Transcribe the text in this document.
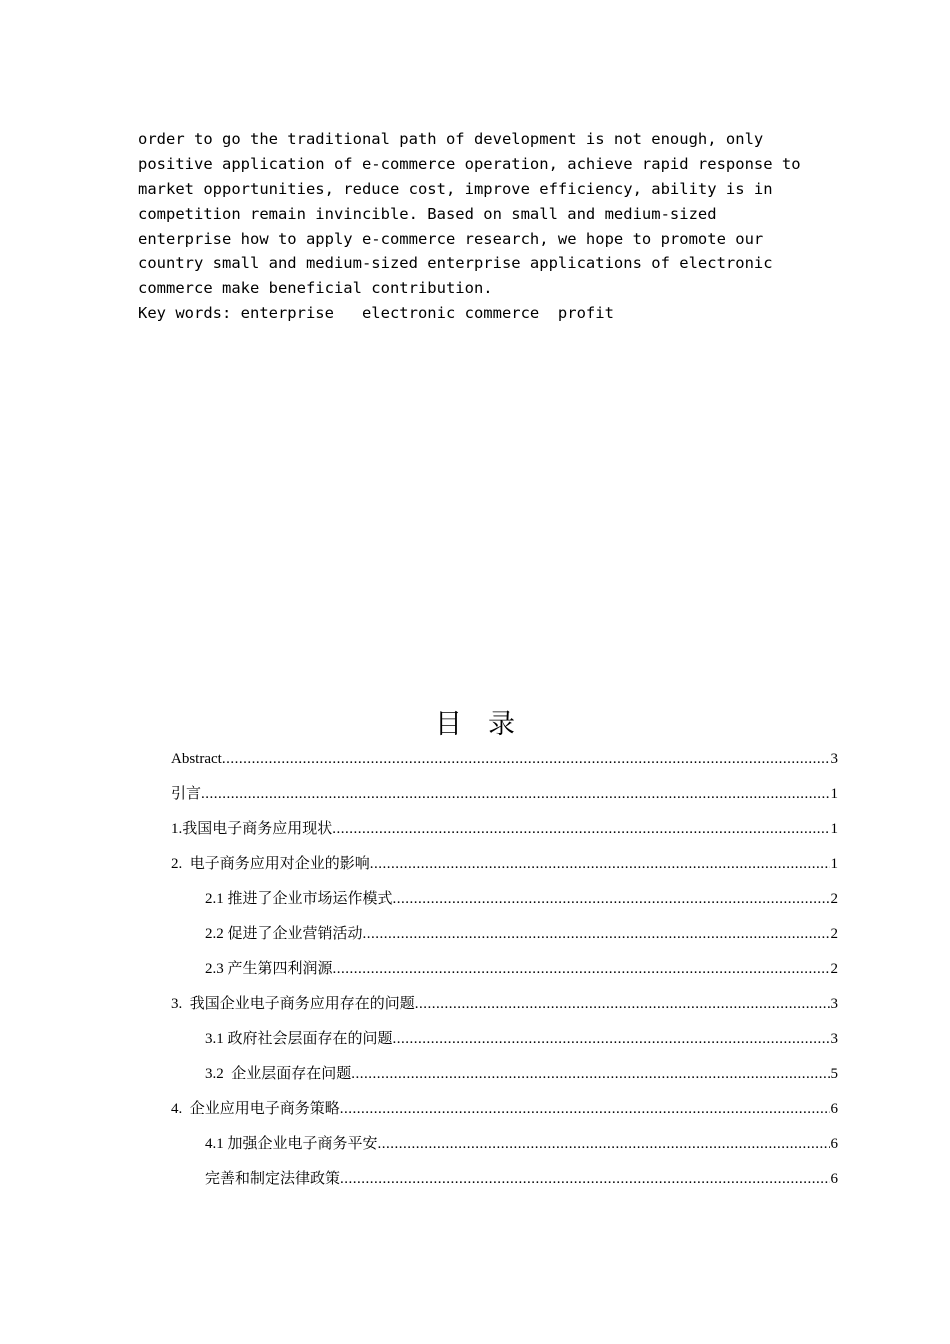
order to go the traditional path of development is not enough, only
positive application of e-commerce operation, achieve rapid response to
market opportunities, reduce cost, improve efficiency, ability is in
competition remain invincible. Based on small and medium-sized
enterprise how to apply e-commerce research, we hope to promote our
country small and medium-sized enterprise applications of electronic
commerce make beneficial contribution.
Key words: enterprise   electronic commerce  profit
目录
Abstract .....	3
引言 .....	1
1.我国电子商务应用现状 .....	1
2.  电子商务应用对企业的影响 .....	1
2.1 推进了企业市场运作模式 .....	2
2.2 促进了企业营销活动 .....	2
2.3 产生第四利润源 .....	2
3.  我国企业电子商务应用存在的问题 .....	3
3.1 政府社会层面存在的问题 .....	3
3.2  企业层面存在问题 .....	5
4.  企业应用电子商务策略 .....	6
4.1 加强企业电子商务平安 .....	6
完善和制定法律政策 .....	6
